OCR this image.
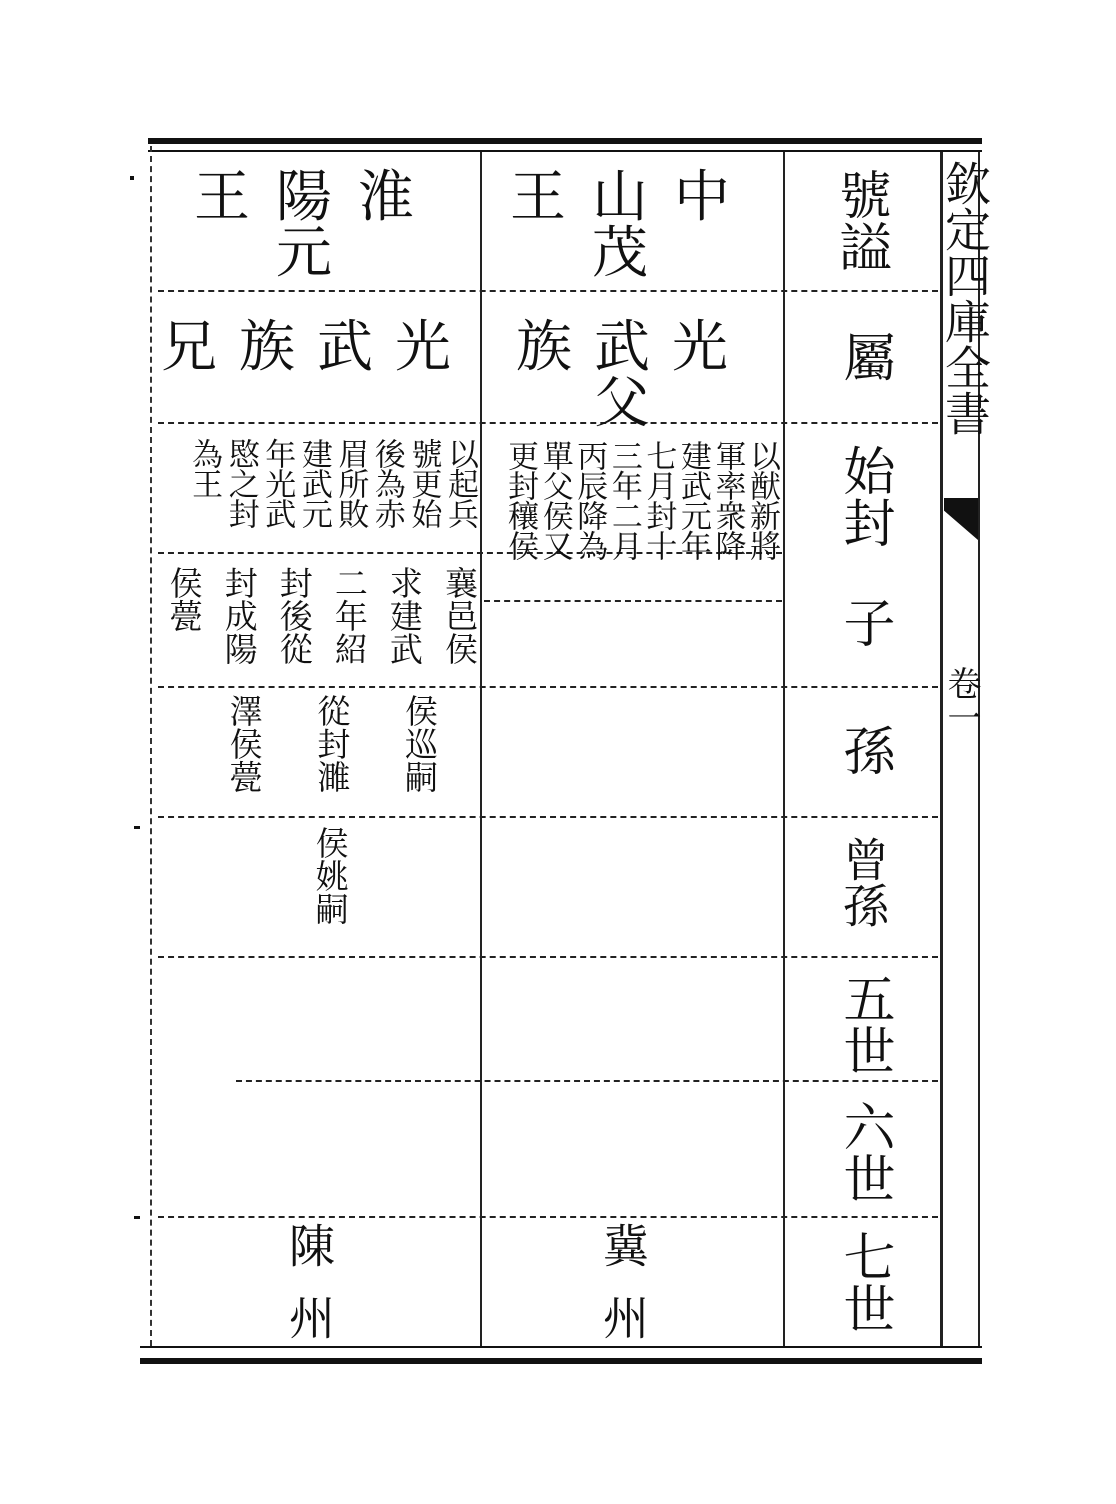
欽定四庫全書
卷一
號謚
屬
始封
子
孫
曾孫
五世
六世
七世
中山王茂
光武族父
以猷新將
軍率衆降
建武元年
七月封十
三年二月
丙辰降為
單父侯又
更封穰侯
冀州
淮陽王元
光武族兄
以起兵
號更始
後為赤
眉所敗
建武元
年光武
愍之封
為王
襄邑侯
求建武
二年紹
封後從
封成陽
侯甍
侯巡嗣
從封濉
澤侯甍
侯姚嗣
陳州
